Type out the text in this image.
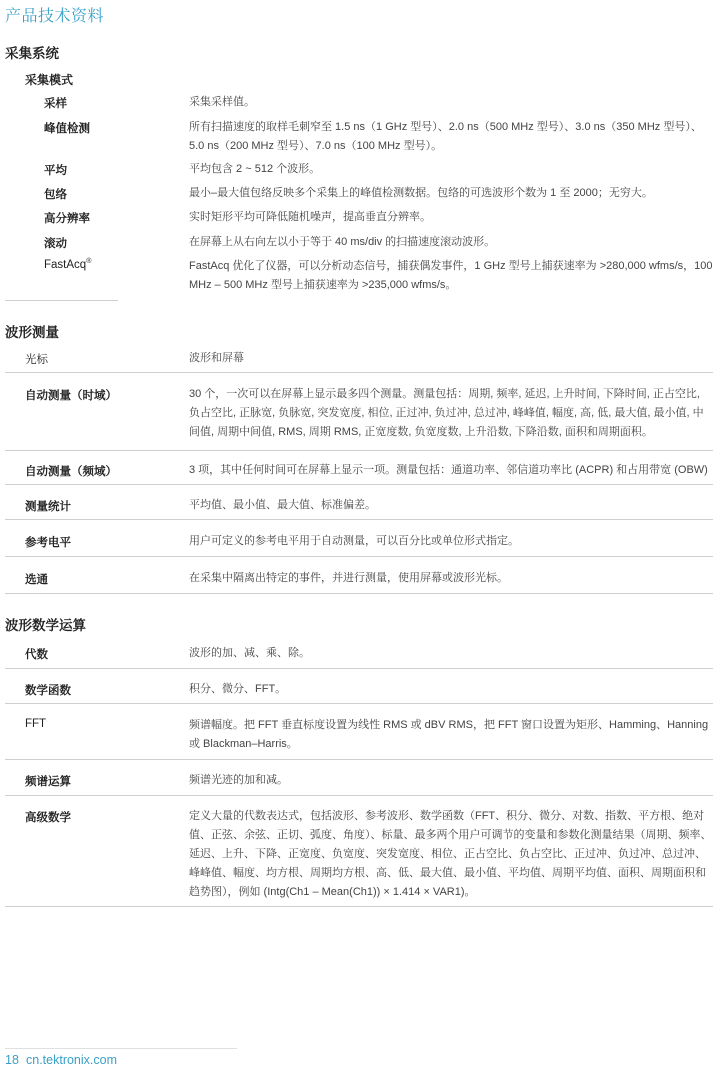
产品技术资料
采集系统
采集模式
采样	采集采样值。
峰值检测	所有扫描速度的取样毛刺窄至 1.5 ns（1 GHz 型号）、2.0 ns（500 MHz 型号）、3.0 ns（350 MHz 型号）、5.0 ns（200 MHz 型号）、7.0 ns（100 MHz 型号）。
平均	平均包含 2 ~ 512 个波形。
包络	最小–最大值包络反映多个采集上的峰值检测数据。包络的可选波形个数为 1 至 2000；无穷大。
高分辨率	实时矩形平均可降低随机噪声，提高垂直分辨率。
滚动	在屏幕上从右向左以小于等于 40 ms/div 的扫描速度滚动波形。
FastAcq®	FastAcq 优化了仪器，可以分析动态信号，捕获偶发事件，1 GHz 型号上捕获速率为 >280,000 wfms/s，100 MHz – 500 MHz 型号上捕获速率为 >235,000 wfms/s。
波形测量
光标	波形和屏幕
自动测量（时域）	30 个，一次可以在屏幕上显示最多四个测量。测量包括：周期, 频率, 延迟, 上升时间, 下降时间, 正占空比, 负占空比, 正脉宽, 负脉宽, 突发宽度, 相位, 正过冲, 负过冲, 总过冲, 峰峰值, 幅度, 高, 低, 最大值, 最小值, 中间值, 周期中间值, RMS, 周期 RMS, 正宽度数, 负宽度数, 上升沿数, 下降沿数, 面积和周期面积。
自动测量（频域）	3 项，其中任何时间可在屏幕上显示一项。测量包括：通道功率、邻信道功率比 (ACPR) 和占用带宽 (OBW)
测量统计	平均值、最小值、最大值、标准偏差。
参考电平	用户可定义的参考电平用于自动测量，可以百分比或单位形式指定。
选通	在采集中隔离出特定的事件，并进行测量，使用屏幕或波形光标。
波形数学运算
代数	波形的加、减、乘、除。
数学函数	积分、微分、FFT。
FFT	频谱幅度。把 FFT 垂直标度设置为线性 RMS 或 dBV RMS，把 FFT 窗口设置为矩形、Hamming、Hanning 或 Blackman–Harris。
频谱运算	频谱光迹的加和减。
高级数学	定义大量的代数表达式，包括波形、参考波形、数学函数（FFT、积分、微分、对数、指数、平方根、绝对值、正弦、余弦、正切、弧度、角度）、标量、最多两个用户可调节的变量和参数化测量结果（周期、频率、延迟、上升、下降、正宽度、负宽度、突发宽度、相位、正占空比、负占空比、正过冲、负过冲、总过冲、峰峰值、幅度、均方根、周期均方根、高、低、最大值、最小值、平均值、周期平均值、面积、周期面积和趋势图），例如 (Intg(Ch1 – Mean(Ch1)) × 1.414 × VAR1)。
18 cn.tektronix.com
